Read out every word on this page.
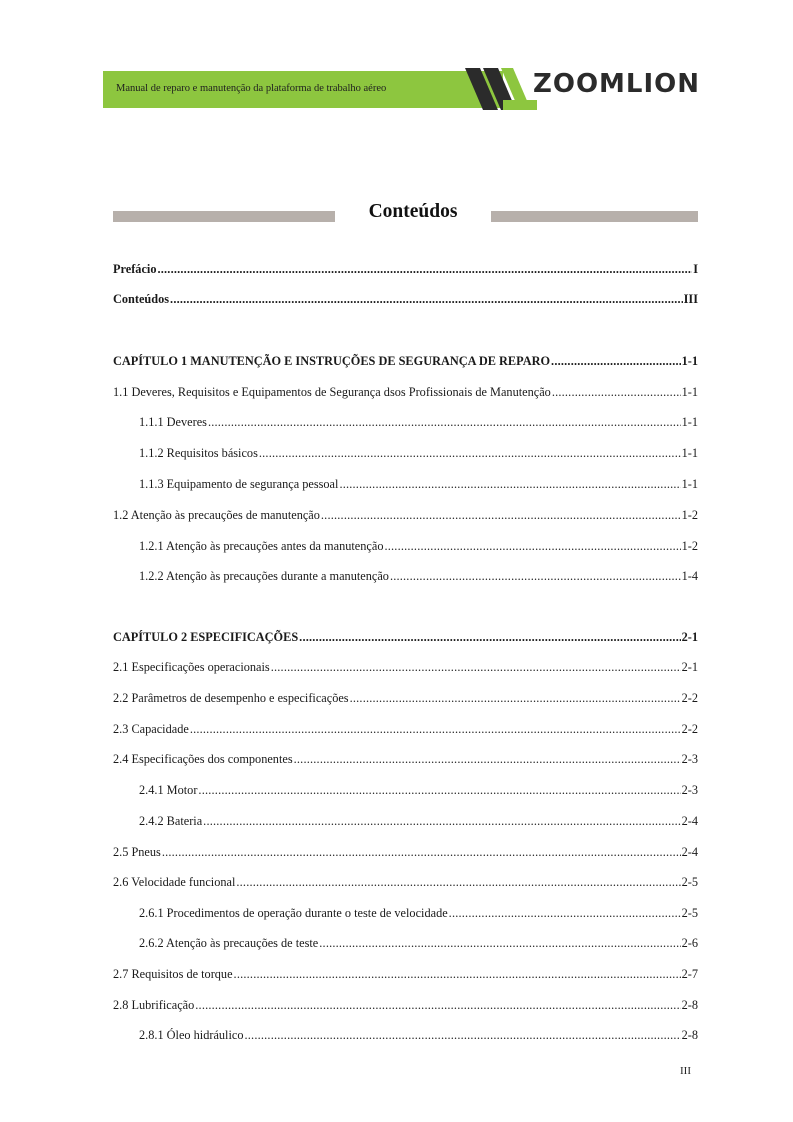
Manual de reparo e manutenção da plataforma de trabalho aéreo	ZOOMLION
Conteúdos
Prefácio .....	I
Conteúdos .....	III
CAPÍTULO 1 MANUTENÇÃO E INSTRUÇÕES DE SEGURANÇA DE REPARO .....	1-1
1.1 Deveres, Requisitos e Equipamentos de Segurança dsos Profissionais de Manutenção .....	1-1
1.1.1 Deveres .....	1-1
1.1.2 Requisitos básicos .....	1-1
1.1.3 Equipamento de segurança pessoal .....	1-1
1.2 Atenção às precauções de manutenção .....	1-2
1.2.1 Atenção às precauções antes da manutenção .....	1-2
1.2.2 Atenção às precauções durante a manutenção .....	1-4
CAPÍTULO 2 ESPECIFICAÇÕES .....	2-1
2.1 Especificações operacionais .....	2-1
2.2 Parâmetros de desempenho e especificações .....	2-2
2.3 Capacidade .....	2-2
2.4 Especificações dos componentes .....	2-3
2.4.1 Motor .....	2-3
2.4.2 Bateria .....	2-4
2.5 Pneus .....	2-4
2.6 Velocidade funcional .....	2-5
2.6.1 Procedimentos de operação durante o teste de velocidade .....	2-5
2.6.2 Atenção às precauções de teste .....	2-6
2.7 Requisitos de torque .....	2-7
2.8 Lubrificação .....	2-8
2.8.1 Óleo hidráulico .....	2-8
III
